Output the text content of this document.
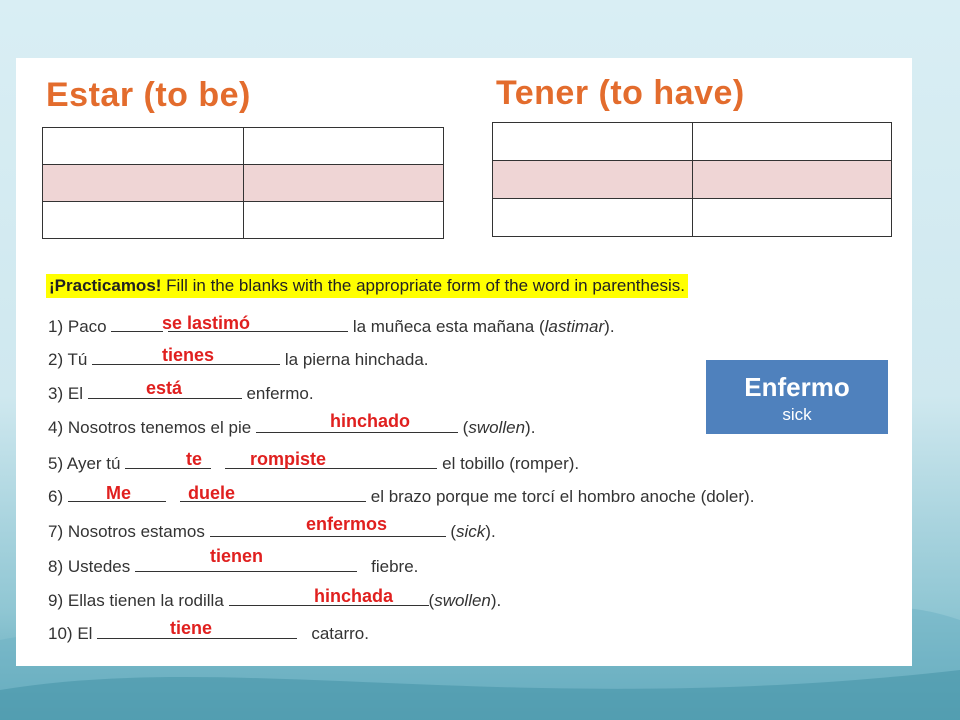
Estar (to be)	Tener (to have)

¡Practicamos! Fill in the blanks with the appropriate form of the word in parenthesis.
1) Paco	la muñeca esta mañana (lastimar).
se lastimó
2) Tú	la pierna hinchada.
tienes
3) El	enfermo.
está
4) Nosotros tenemos el pie	(swollen).
hinchado
5) Ayer tú	el tobillo (romper).
te	rompiste
6)	el brazo porque me torcí el hombro anoche (doler).
Me	duele
7) Nosotros estamos	(sick).
enfermos
8) Ustedes	fiebre.
tienen
9) Ellas tienen la rodilla	(swollen).
hinchada
10) El	catarro.
tiene
Enfermo
sick
